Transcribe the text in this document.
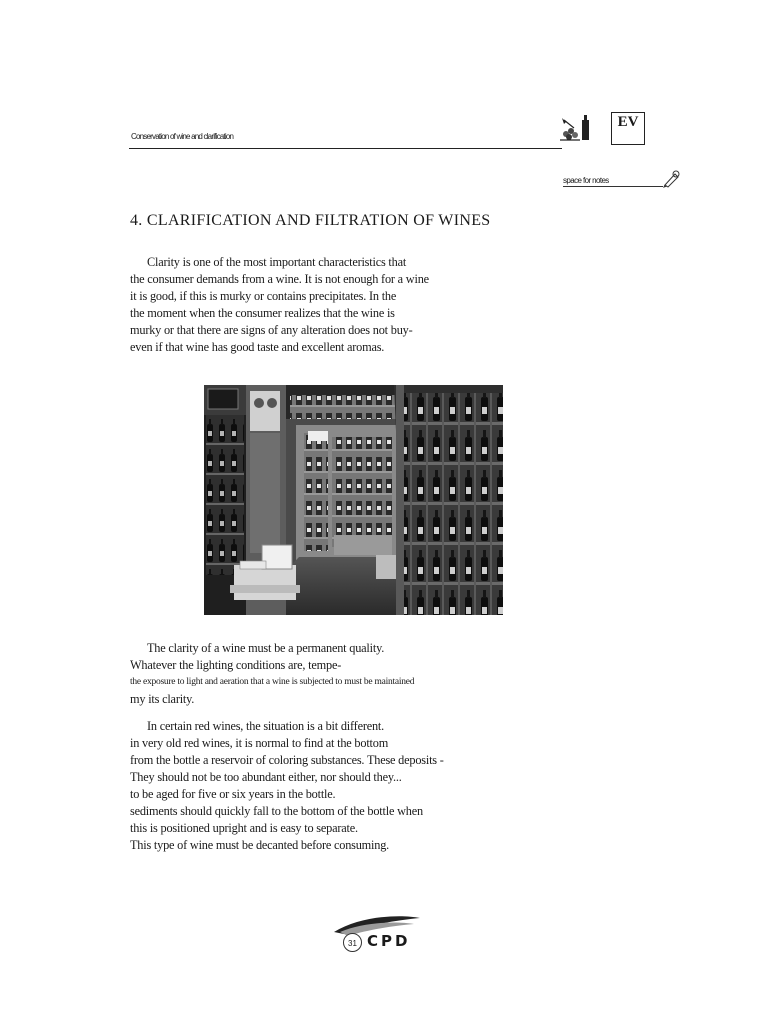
Conservation of wine and clarification
EV
space for notes
4. CLARIFICATION AND FILTRATION OF WINES
Clarity is one of the most important characteristics that
the consumer demands from a wine. It is not enough for a wine
it is good, if this is murky or contains precipitates. In the
the moment when the consumer realizes that the wine is
murky or that there are signs of any alteration does not buy-
even if that wine has good taste and excellent aromas.
The clarity of a wine must be a permanent quality.
Whatever the lighting conditions are, tempe-
the exposure to light and aeration that a wine is subjected to must be maintained
my its clarity.
In certain red wines, the situation is a bit different.
in very old red wines, it is normal to find at the bottom
from the bottle a reservoir of coloring substances. These deposits -
They should not be too abundant either, nor should they...
to be aged for five or six years in the bottle.
sediments should quickly fall to the bottom of the bottle when
this is positioned upright and is easy to separate.
This type of wine must be decanted before consuming.
31 CPD
